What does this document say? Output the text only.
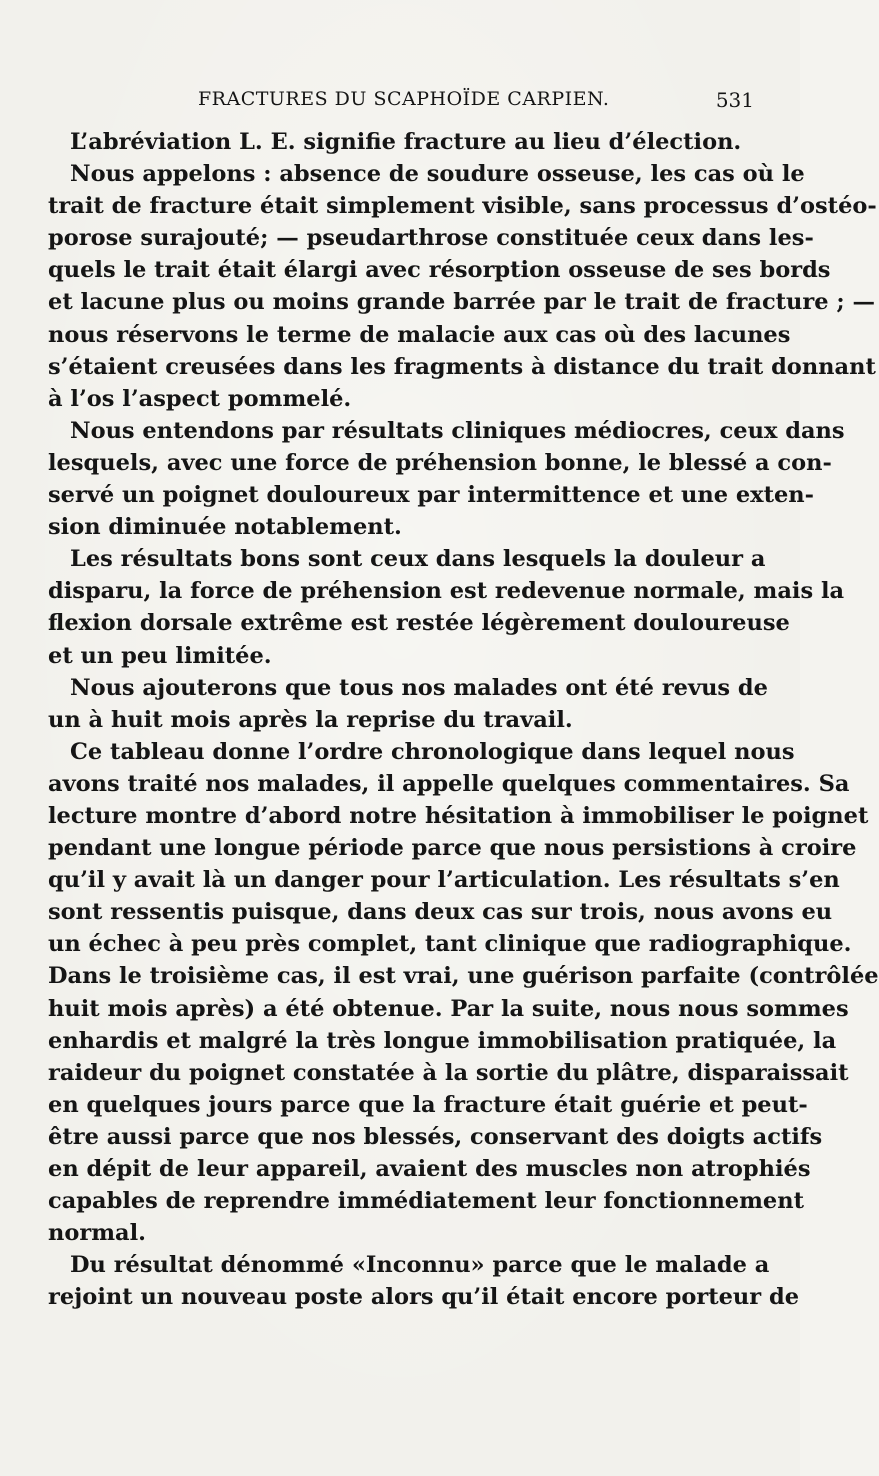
FRACTURES DU SCAPHOÏDE CARPIEN.	531
L’abréviation L. E. signifie fracture au lieu d’élection.
Nous appelons : absence de soudure osseuse, les cas où le
trait de fracture était simplement visible, sans processus d’ostéo-
porose surajouté; — pseudarthrose constituée ceux dans les-
quels le trait était élargi avec résorption osseuse de ses bords
et lacune plus ou moins grande barrée par le trait de fracture ; —
nous réservons le terme de malacie aux cas où des lacunes
s’étaient creusées dans les fragments à distance du trait donnant
à l’os l’aspect pommelé.
Nous entendons par résultats cliniques médiocres, ceux dans
lesquels, avec une force de préhension bonne, le blessé a con-
servé un poignet douloureux par intermittence et une exten-
sion diminuée notablement.
Les résultats bons sont ceux dans lesquels la douleur a
disparu, la force de préhension est redevenue normale, mais la
flexion dorsale extrême est restée légèrement douloureuse
et un peu limitée.
Nous ajouterons que tous nos malades ont été revus de
un à huit mois après la reprise du travail.
Ce tableau donne l’ordre chronologique dans lequel nous
avons traité nos malades, il appelle quelques commentaires. Sa
lecture montre d’abord notre hésitation à immobiliser le poignet
pendant une longue période parce que nous persistions à croire
qu’il y avait là un danger pour l’articulation. Les résultats s’en
sont ressentis puisque, dans deux cas sur trois, nous avons eu
un échec à peu près complet, tant clinique que radiographique.
Dans le troisième cas, il est vrai, une guérison parfaite (contrôlée
huit mois après) a été obtenue. Par la suite, nous nous sommes
enhardis et malgré la très longue immobilisation pratiquée, la
raideur du poignet constatée à la sortie du plâtre, disparaissait
en quelques jours parce que la fracture était guérie et peut-
être aussi parce que nos blessés, conservant des doigts actifs
en dépit de leur appareil, avaient des muscles non atrophiés
capables de reprendre immédiatement leur fonctionnement
normal.
Du résultat dénommé «Inconnu» parce que le malade a
rejoint un nouveau poste alors qu’il était encore porteur de
